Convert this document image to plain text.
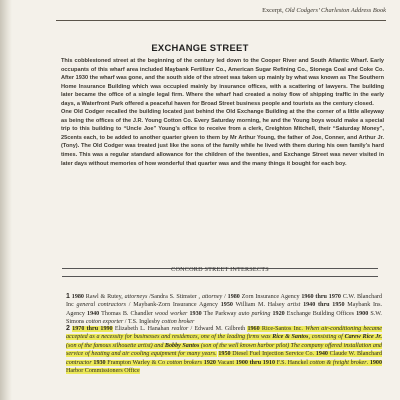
Excerpt, Old Codgers’ Charleston Address Book
EXCHANGE STREET

This cobblestoned street at the beginning of the century led down to the Cooper River and South Atlantic Wharf. Early occupants of this wharf area included Maybank Fertilizer Co., American Sugar Refining Co., Stonega Coal and Coke Co. After 1930 the wharf was gone, and the south side of the street was taken up mainly by what was known as The Southern Home Insurance Building which was occupied mainly by insurance offices, with a scattering of lawyers. The building later became the office of a single legal firm. Where the wharf had created a noisy flow of shipping traffic in the early days, a Waterfront Park offered a peaceful haven for Broad Street business people and tourists as the century closed.

One Old Codger recalled the building located just behind the Old Exchange Building at the the corner of a little alleyway as being the offices of the J.R. Young Cotton Co. Every Saturday morning, he and the Young boys would make a special trip to this building to “Uncle Joe” Young’s office to receive from a clerk, Creighton Mitchell, their “Saturday Money”, 25cents each, to be added to another quarter given to them by Mr Arthur Young, the father of Joe, Conner, and Arthur Jr. (Tony). The Old Codger was treated just like the sons of the family while he lived with them during his own family’s hard times. This was a regular standard allowance for the children of the twenties, and Exchange Street was never visited in later days without memories of how wonderful that quarter was and the many things it bought for each boy.

CONCORD STREET INTERSECTS
1 1980 Rawl & Rutey, attorneys /Sandra S. Stimster , attorney / 1980 Zorn Insurance Agency 1960 thru 1970 C.W. Blanchard Inc general contractors / Maybank-Zorn Insurance Agency 1950 William M. Halsey artist 1940 thru 1950 Maybank Ins. Agency 1940 Thomas B. Chandler wood worker 1930 The Parkway auto parking 1920 Exchange Building Offices 1900 S.W. Simons cotton exporter / T.S. Inglesby cotton broker
2 1970 thru 1990 Elizabeth L. Hanahan realtor / Edward M. Gilbreth 1960 Rice-Santos Inc. When air-conditioning became accepted as a necessity for businesses and residences, one of the leading firms was Rice & Santos, consisting of Carew Rice Jr. (son of the famous silhouette artist) and Bobby Santos (son of the well known harbor pilot) The company offered installation and service of heating and air cooling equipment for many years. 1950 Diesel Fuel Injection Service Co. 1940 Claude W. Blanchard contractor 1930 Frampton Warley & Co cotton brokers 1920 Vacant 1900 thru 1910 F.S. Hanckel cotton & freight broker. 1900 Harbor Commissioners Office
